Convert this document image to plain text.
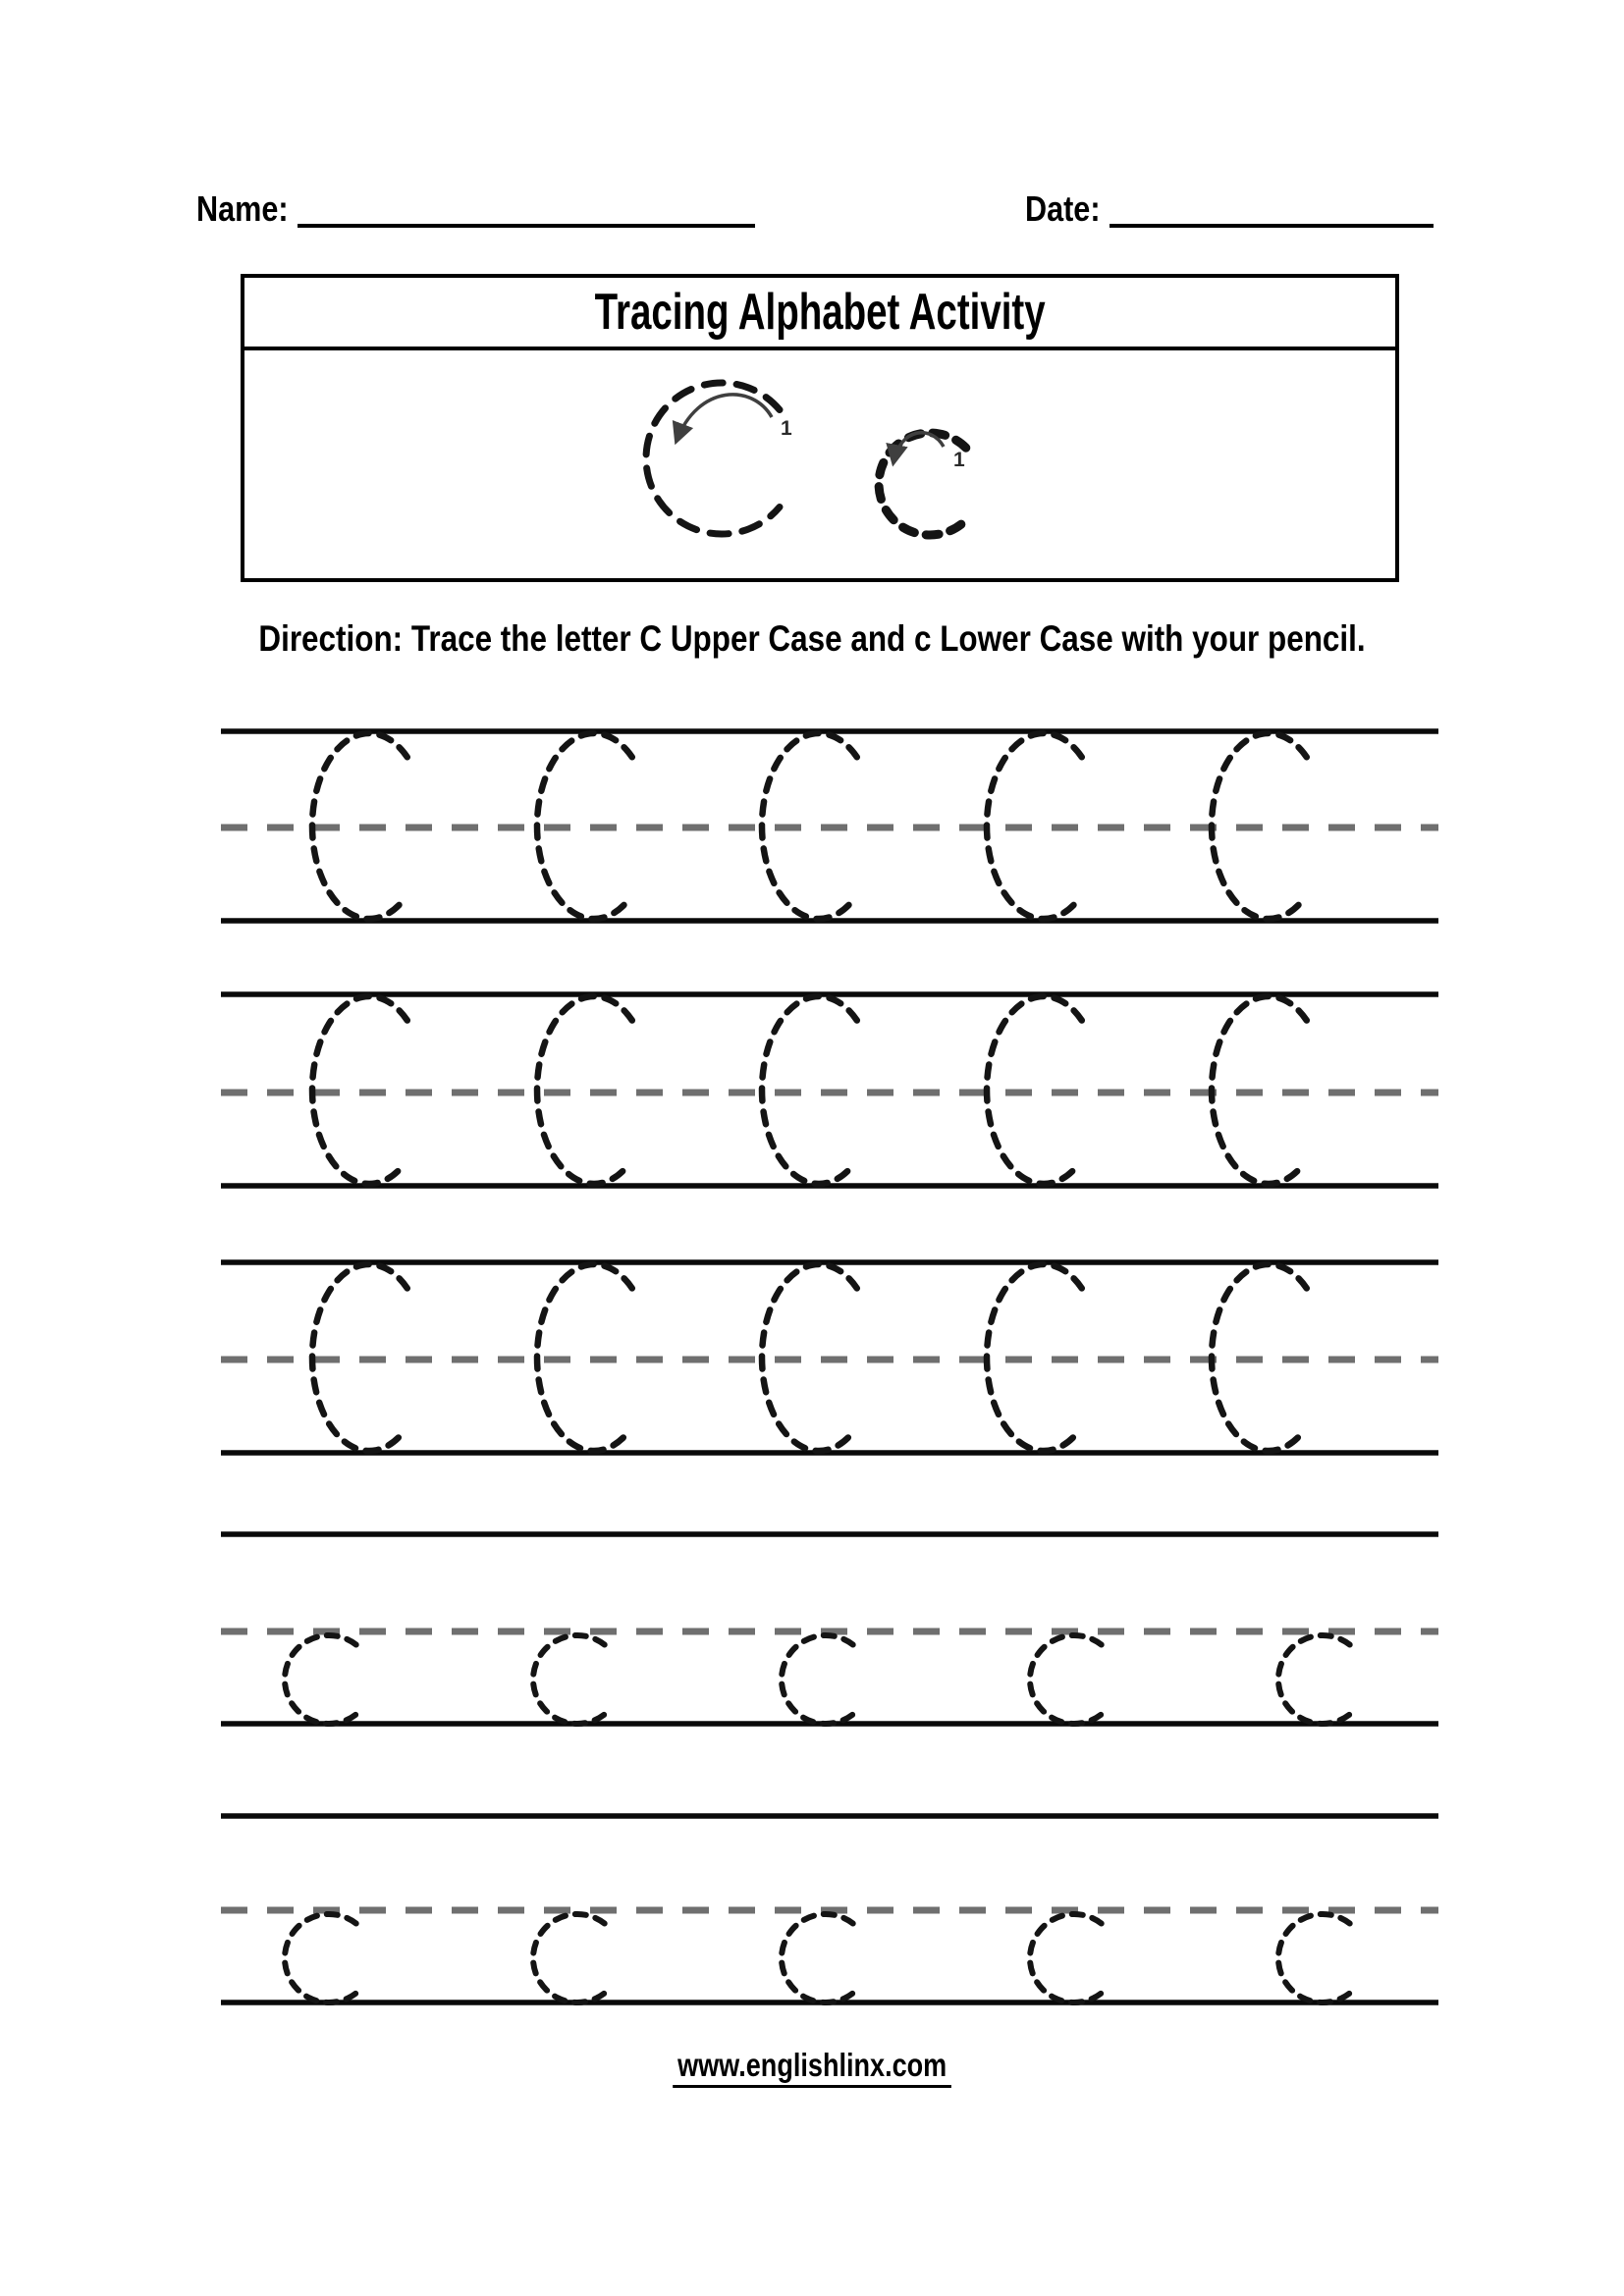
Name:	Date:
Tracing Alphabet Activity
1
1
Direction: Trace the letter C Upper Case and c Lower Case with your pencil.
www.englishlinx.com
